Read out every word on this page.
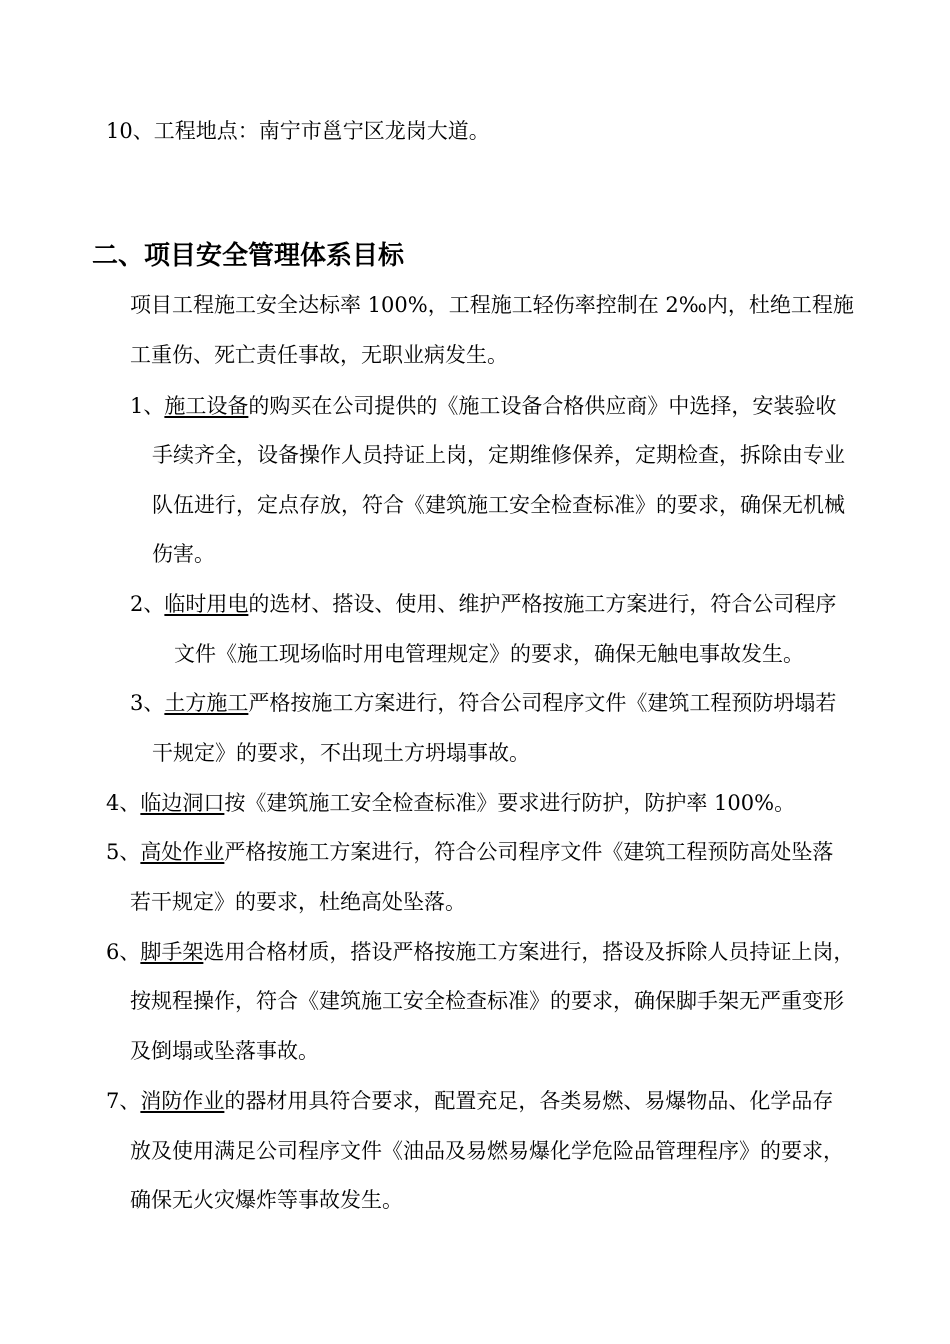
10、工程地点：南宁市邕宁区龙岗大道。
二、项目安全管理体系目标
项目工程施工安全达标率 100%，工程施工轻伤率控制在 2‰内，杜绝工程施
工重伤、死亡责任事故，无职业病发生。
1、施工设备的购买在公司提供的《施工设备合格供应商》中选择，安装验收
手续齐全，设备操作人员持证上岗，定期维修保养，定期检查，拆除由专业
队伍进行，定点存放，符合《建筑施工安全检查标准》的要求，确保无机械
伤害。
2、临时用电的选材、搭设、使用、维护严格按施工方案进行，符合公司程序
文件《施工现场临时用电管理规定》的要求，确保无触电事故发生。
3、土方施工严格按施工方案进行，符合公司程序文件《建筑工程预防坍塌若
干规定》的要求，不出现土方坍塌事故。
4、临边洞口按《建筑施工安全检查标准》要求进行防护，防护率 100%。
5、高处作业严格按施工方案进行，符合公司程序文件《建筑工程预防高处坠落
若干规定》的要求，杜绝高处坠落。
6、脚手架选用合格材质，搭设严格按施工方案进行，搭设及拆除人员持证上岗，
按规程操作，符合《建筑施工安全检查标准》的要求，确保脚手架无严重变形
及倒塌或坠落事故。
7、消防作业的器材用具符合要求，配置充足，各类易燃、易爆物品、化学品存
放及使用满足公司程序文件《油品及易燃易爆化学危险品管理程序》的要求，
确保无火灾爆炸等事故发生。
